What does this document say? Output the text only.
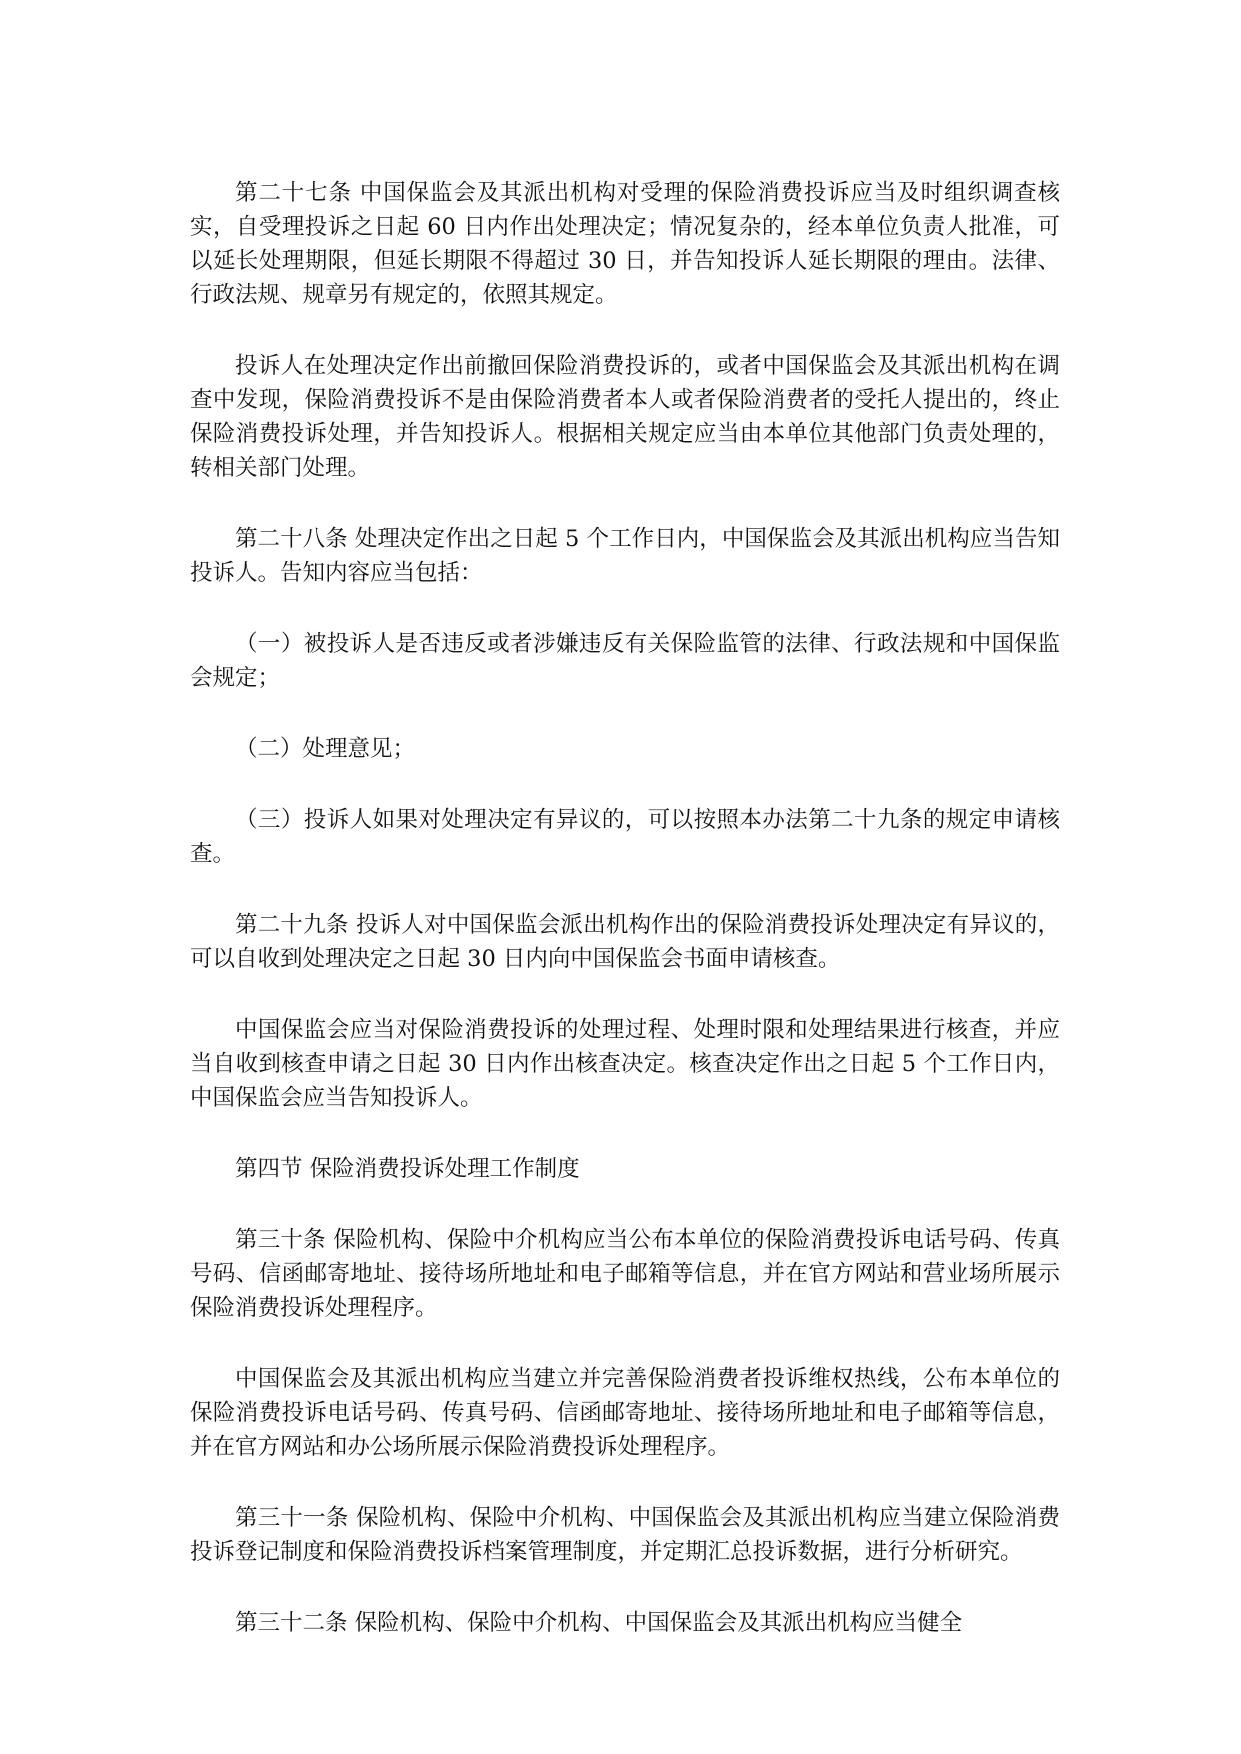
第二十七条 中国保监会及其派出机构对受理的保险消费投诉应当及时组织调查核实，自受理投诉之日起 60 日内作出处理决定；情况复杂的，经本单位负责人批准，可以延长处理期限，但延长期限不得超过 30 日，并告知投诉人延长期限的理由。法律、行政法规、规章另有规定的，依照其规定。

投诉人在处理决定作出前撤回保险消费投诉的，或者中国保监会及其派出机构在调查中发现，保险消费投诉不是由保险消费者本人或者保险消费者的受托人提出的，终止保险消费投诉处理，并告知投诉人。根据相关规定应当由本单位其他部门负责处理的，转相关部门处理。

第二十八条 处理决定作出之日起 5 个工作日内，中国保监会及其派出机构应当告知投诉人。告知内容应当包括：

（一）被投诉人是否违反或者涉嫌违反有关保险监管的法律、行政法规和中国保监会规定；

（二）处理意见；

（三）投诉人如果对处理决定有异议的，可以按照本办法第二十九条的规定申请核查。

第二十九条 投诉人对中国保监会派出机构作出的保险消费投诉处理决定有异议的，可以自收到处理决定之日起 30 日内向中国保监会书面申请核查。

中国保监会应当对保险消费投诉的处理过程、处理时限和处理结果进行核查，并应当自收到核查申请之日起 30 日内作出核查决定。核查决定作出之日起 5 个工作日内，中国保监会应当告知投诉人。

第四节 保险消费投诉处理工作制度

第三十条 保险机构、保险中介机构应当公布本单位的保险消费投诉电话号码、传真号码、信函邮寄地址、接待场所地址和电子邮箱等信息，并在官方网站和营业场所展示保险消费投诉处理程序。

中国保监会及其派出机构应当建立并完善保险消费者投诉维权热线，公布本单位的保险消费投诉电话号码、传真号码、信函邮寄地址、接待场所地址和电子邮箱等信息，并在官方网站和办公场所展示保险消费投诉处理程序。

第三十一条 保险机构、保险中介机构、中国保监会及其派出机构应当建立保险消费投诉登记制度和保险消费投诉档案管理制度，并定期汇总投诉数据，进行分析研究。

第三十二条 保险机构、保险中介机构、中国保监会及其派出机构应当健全
